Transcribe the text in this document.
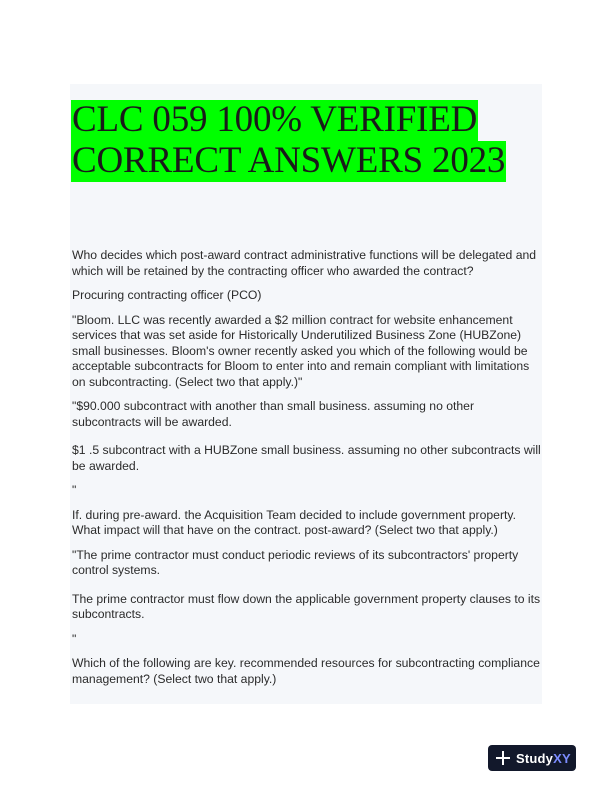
CLC 059 100% VERIFIED
CORRECT ANSWERS 2023

Who decides which post-award contract administrative functions will be delegated and which will be retained by the contracting officer who awarded the contract?

Procuring contracting officer (PCO)

"Bloom. LLC was recently awarded a $2 million contract for website enhancement services that was set aside for Historically Underutilized Business Zone (HUBZone) small businesses. Bloom's owner recently asked you which of the following would be acceptable subcontracts for Bloom to enter into and remain compliant with limitations on subcontracting. (Select two that apply.)"

"$90.000 subcontract with another than small business. assuming no other subcontracts will be awarded.

$1 .5 subcontract with a HUBZone small business. assuming no other subcontracts will be awarded.

"

If. during pre-award. the Acquisition Team decided to include government property. What impact will that have on the contract. post-award? (Select two that apply.)

"The prime contractor must conduct periodic reviews of its subcontractors' property control systems.

The prime contractor must flow down the applicable government property clauses to its subcontracts.

"

Which of the following are key. recommended resources for subcontracting compliance management? (Select two that apply.)

StudyXY
